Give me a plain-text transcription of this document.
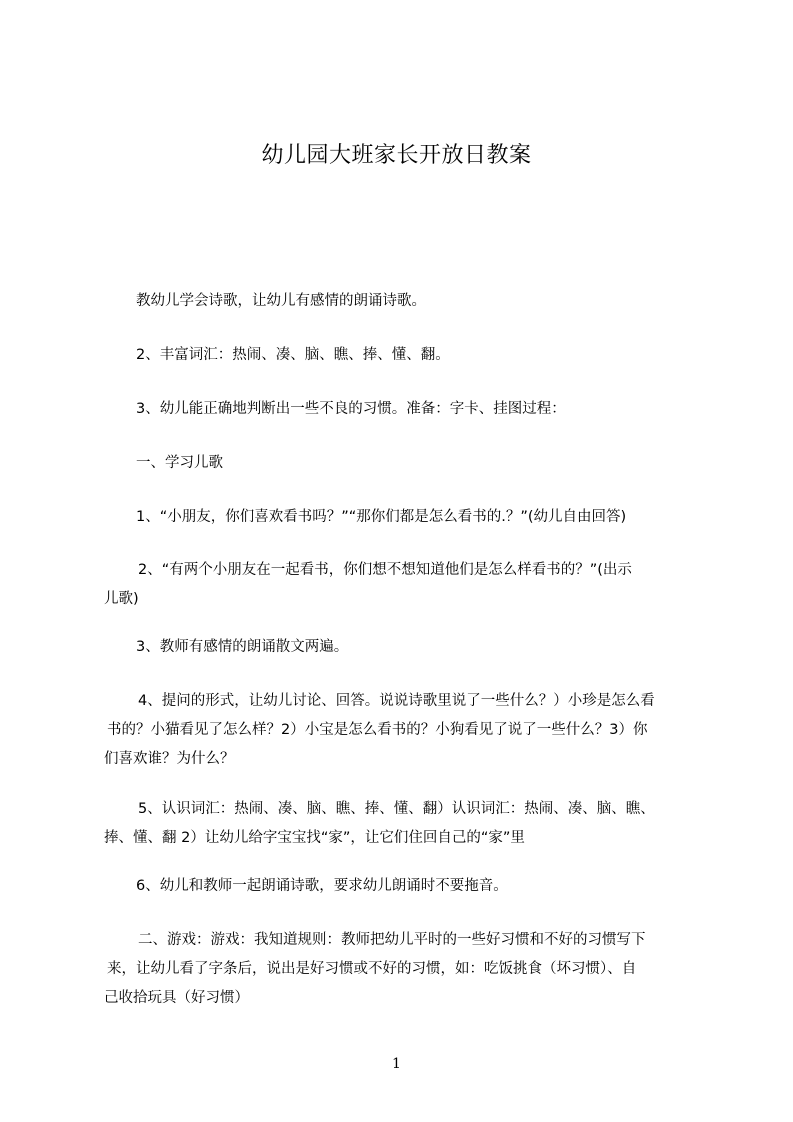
幼儿园大班家长开放日教案
教幼儿学会诗歌，让幼儿有感情的朗诵诗歌。
2、丰富词汇：热闹、凑、脑、瞧、捧、懂、翻。
3、幼儿能正确地判断出一些不良的习惯。准备：字卡、挂图过程：
一、学习儿歌
1、“小朋友，你们喜欢看书吗？”“那你们都是怎么看书的.？”(幼儿自由回答)
2、“有两个小朋友在一起看书，你们想不想知道他们是怎么样看书的？”(出示
儿歌)
3、教师有感情的朗诵散文两遍。
4、提问的形式，让幼儿讨论、回答。说说诗歌里说了一些什么？）小珍是怎么看
书的？小猫看见了怎么样？2）小宝是怎么看书的？小狗看见了说了一些什么？3）你
们喜欢谁？为什么？
5、认识词汇：热闹、凑、脑、瞧、捧、懂、翻）认识词汇：热闹、凑、脑、瞧、
捧、懂、翻 2）让幼儿给字宝宝找“家”，让它们住回自己的“家”里
6、幼儿和教师一起朗诵诗歌，要求幼儿朗诵时不要拖音。
二、游戏：游戏：我知道规则：教师把幼儿平时的一些好习惯和不好的习惯写下
来，让幼儿看了字条后，说出是好习惯或不好的习惯，如：吃饭挑食（坏习惯）、自
己收拾玩具（好习惯）
1
